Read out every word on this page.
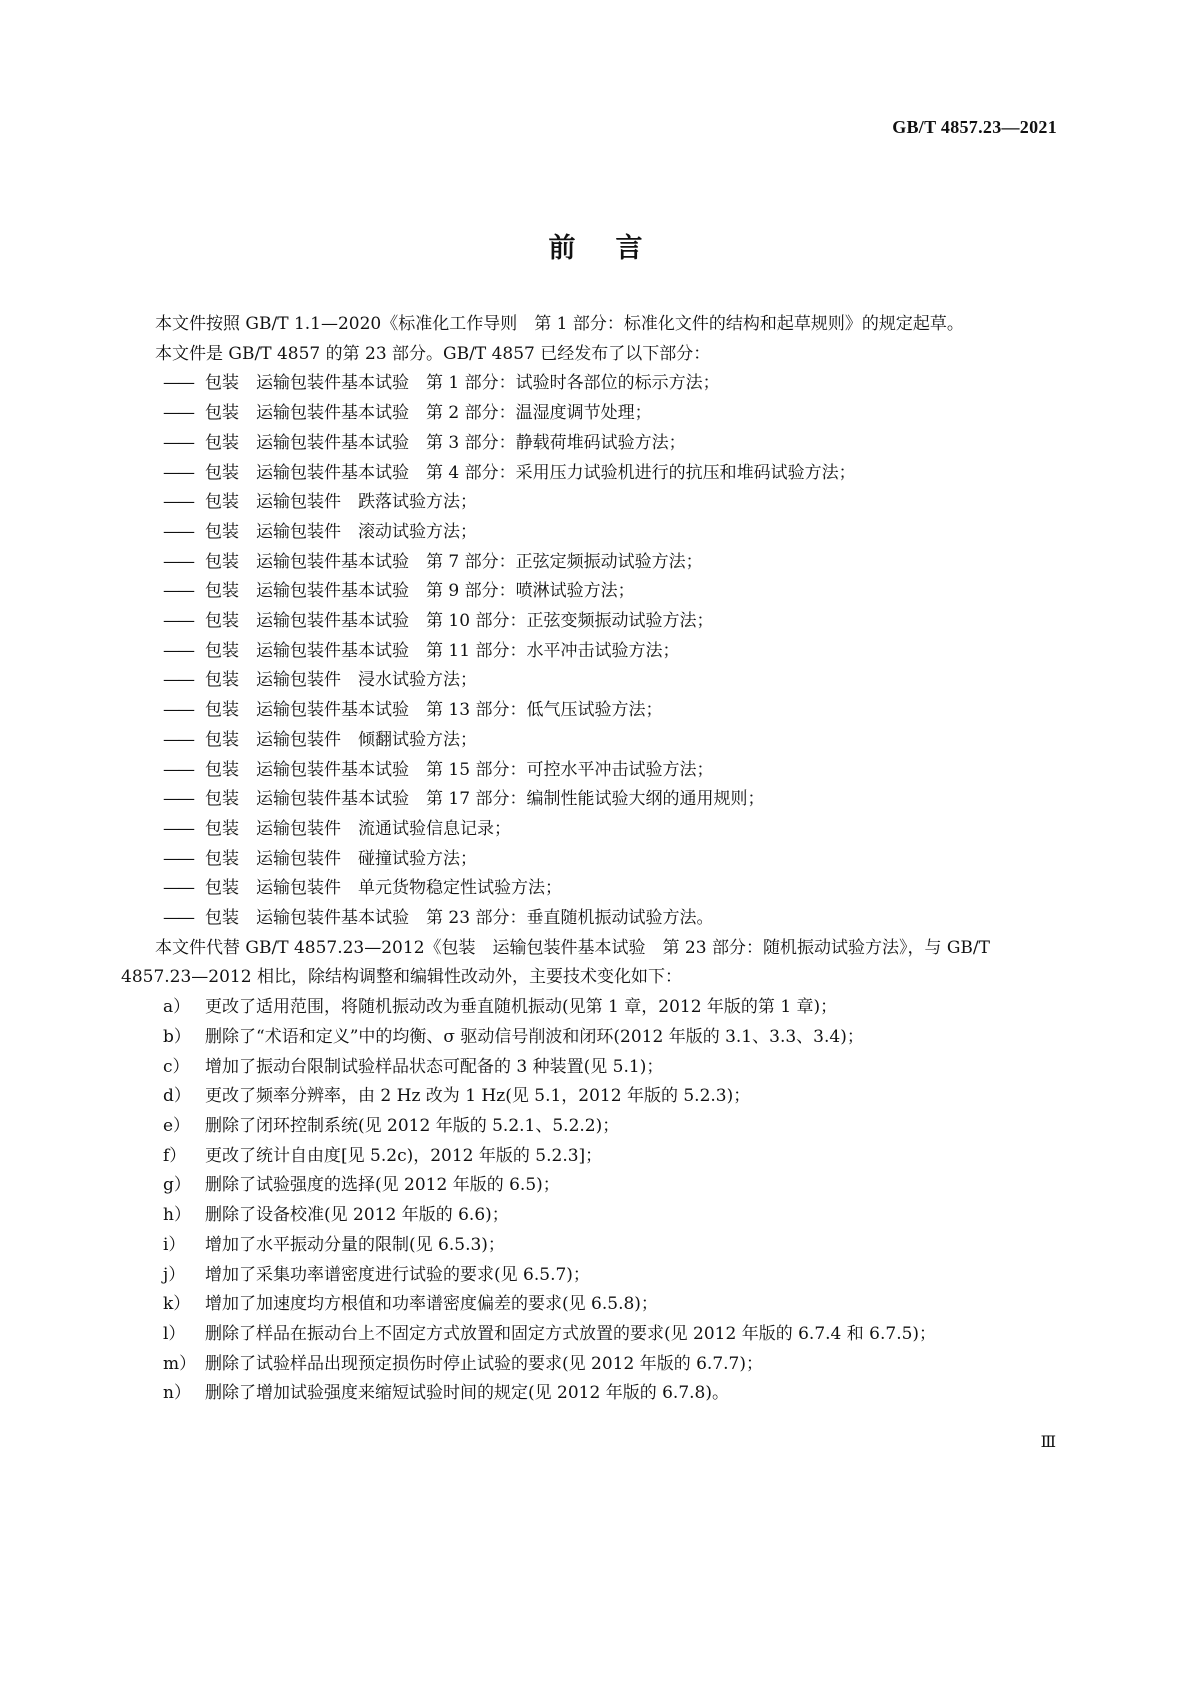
GB/T 4857.23—2021
前言

本文件按照 GB/T 1.1—2020《标准化工作导则　第 1 部分：标准化文件的结构和起草规则》的规定起草。

本文件是 GB/T 4857 的第 23 部分。GB/T 4857 已经发布了以下部分：

—— 包装　运输包装件基本试验　第 1 部分：试验时各部位的标示方法；

—— 包装　运输包装件基本试验　第 2 部分：温湿度调节处理；

—— 包装　运输包装件基本试验　第 3 部分：静载荷堆码试验方法；

—— 包装　运输包装件基本试验　第 4 部分：采用压力试验机进行的抗压和堆码试验方法；

—— 包装　运输包装件　跌落试验方法；

—— 包装　运输包装件　滚动试验方法；

—— 包装　运输包装件基本试验　第 7 部分：正弦定频振动试验方法；

—— 包装　运输包装件基本试验　第 9 部分：喷淋试验方法；

—— 包装　运输包装件基本试验　第 10 部分：正弦变频振动试验方法；

—— 包装　运输包装件基本试验　第 11 部分：水平冲击试验方法；

—— 包装　运输包装件　浸水试验方法；

—— 包装　运输包装件基本试验　第 13 部分：低气压试验方法；

—— 包装　运输包装件　倾翻试验方法；

—— 包装　运输包装件基本试验　第 15 部分：可控水平冲击试验方法；

—— 包装　运输包装件基本试验　第 17 部分：编制性能试验大纲的通用规则；

—— 包装　运输包装件　流通试验信息记录；

—— 包装　运输包装件　碰撞试验方法；

—— 包装　运输包装件　单元货物稳定性试验方法；

—— 包装　运输包装件基本试验　第 23 部分：垂直随机振动试验方法。

本文件代替 GB/T 4857.23—2012《包装　运输包装件基本试验　第 23 部分：随机振动试验方法》，与 GB/T 4857.23—2012 相比，除结构调整和编辑性改动外，主要技术变化如下：

a） 更改了适用范围，将随机振动改为垂直随机振动(见第 1 章，2012 年版的第 1 章)；

b） 删除了“术语和定义”中的均衡、σ 驱动信号削波和闭环(2012 年版的 3.1、3.3、3.4)；

c） 增加了振动台限制试验样品状态可配备的 3 种装置(见 5.1)；

d） 更改了频率分辨率，由 2 Hz 改为 1 Hz(见 5.1，2012 年版的 5.2.3)；

e） 删除了闭环控制系统(见 2012 年版的 5.2.1、5.2.2)；

f） 更改了统计自由度[见 5.2c)，2012 年版的 5.2.3]；

g） 删除了试验强度的选择(见 2012 年版的 6.5)；

h） 删除了设备校准(见 2012 年版的 6.6)；

i） 增加了水平振动分量的限制(见 6.5.3)；

j） 增加了采集功率谱密度进行试验的要求(见 6.5.7)；

k） 增加了加速度均方根值和功率谱密度偏差的要求(见 6.5.8)；

l） 删除了样品在振动台上不固定方式放置和固定方式放置的要求(见 2012 年版的 6.7.4 和 6.7.5)；

m） 删除了试验样品出现预定损伤时停止试验的要求(见 2012 年版的 6.7.7)；

n） 删除了增加试验强度来缩短试验时间的规定(见 2012 年版的 6.7.8)。

Ⅲ
